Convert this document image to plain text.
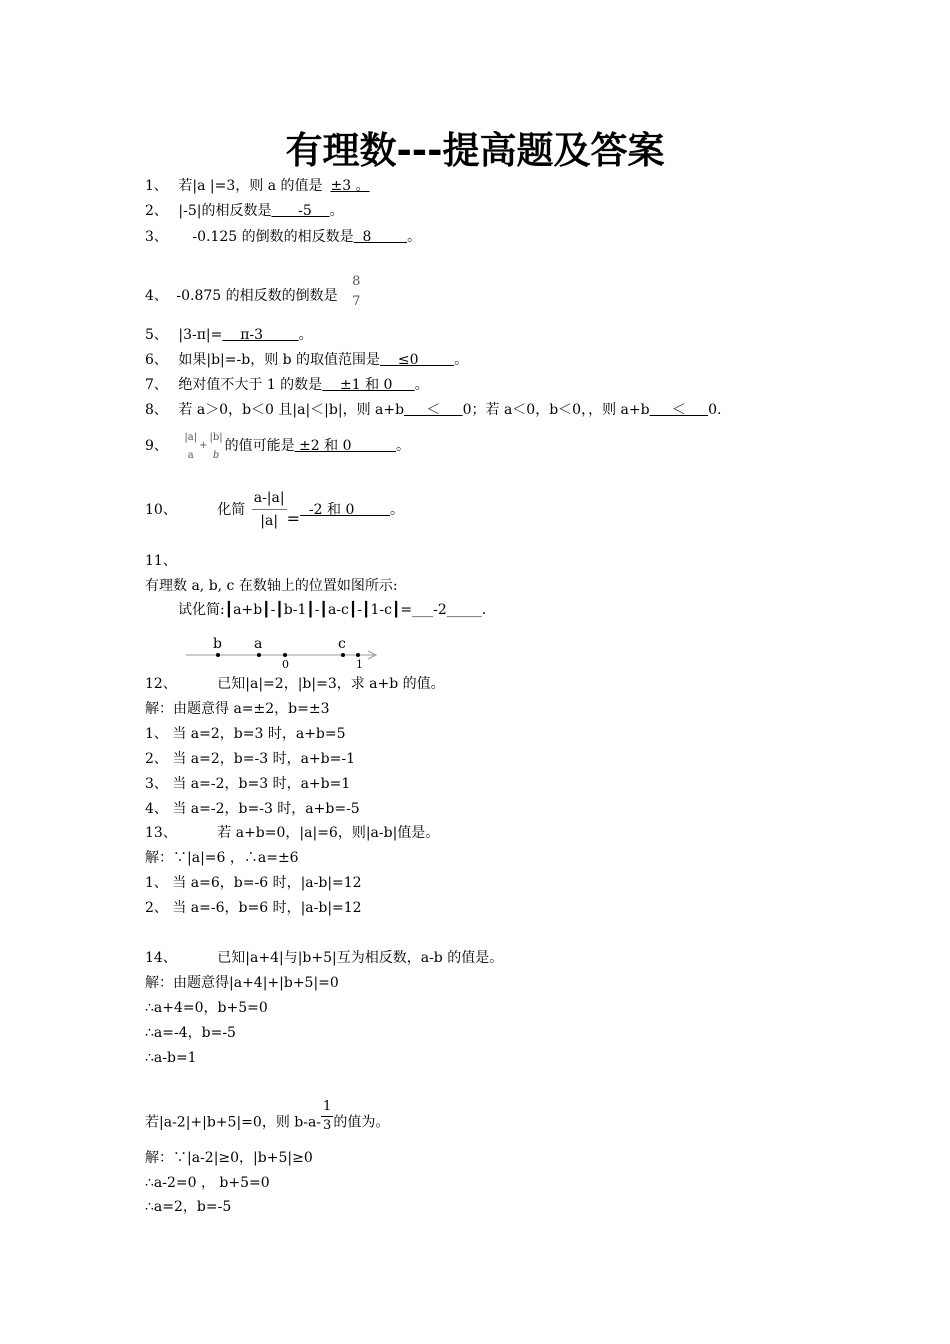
有理数---提高题及答案
1、 若|a |=3，则 a 的值是 ±3 。
2、 |-5|的相反数是      -5    。
3、 -0.125 的倒数的相反数是  8        。
4、 -0.875 的相反数的倒数是
8
7
5、 |3-π|=    π-3        。
6、 如果|b|=-b，则 b 的取值范围是    ≤0        。
7、 绝对值不大于 1 的数是    ±1 和 0     。
8、 若 a＞0，b＜0 且|a|＜|b|，则 a+b     ＜     0；若 a＜0，b＜0，，则 a+b     ＜     0.
9、
|a|
a
+
|b|
b
的值可能是 ±2 和 0          。
10、	化简 $\frac{a-|a|}{|a|} = -2$ 和 0        。
11、
有理数 a, b, c 在数轴上的位置如图所示:
试化简:┃a+b┃-┃b-1┃-┃a-c┃-┃1-c┃=___-2_____.
b a	c
0	1
12、	已知|a|=2，|b|=3，求 a+b 的值。
解：由题意得 a=±2，b=±3
1、 当 a=2，b=3 时，a+b=5
2、 当 a=2，b=-3 时，a+b=-1
3、 当 a=-2，b=3 时，a+b=1
4、 当 a=-2，b=-3 时，a+b=-5
13、	若 a+b=0，|a|=6，则|a-b|值是。
解：∵|a|=6 ，∴a=±6
1、 当 a=6，b=-6 时，|a-b|=12
2、 当 a=-6，b=6 时，|a-b|=12
14、	已知|a+4|与|b+5|互为相反数，a-b 的值是。
解：由题意得|a+4|+|b+5|=0
∴a+4=0，b+5=0
∴a=-4，b=-5
∴a-b=1
若|a-2|+|b+5|=0，则 $b-a- \frac{1}{3}$ 的值为。
解：∵|a-2|≥0，|b+5|≥0
∴a-2=0 ， b+5=0
∴a=2，b=-5
